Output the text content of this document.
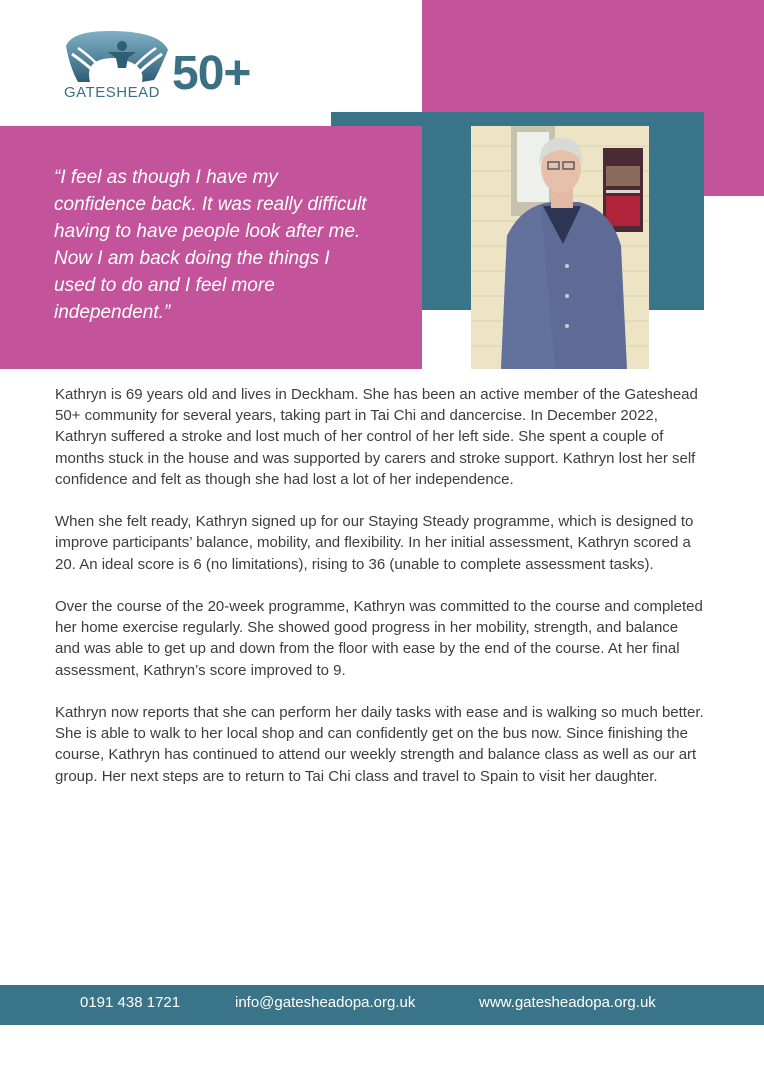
50+
GATESHEAD
“I feel as though I have my confidence back. It was really difficult having to have people look after me. Now I am back doing the things I used to do and I feel more independent.”

Kathryn is 69 years old and lives in Deckham. She has been an active member of the Gateshead 50+ community for several years, taking part in Tai Chi and dancercise. In December 2022, Kathryn suffered a stroke and lost much of her control of her left side. She spent a couple of months stuck in the house and was supported by carers and stroke support. Kathryn lost her self confidence and felt as though she had lost a lot of her independence.

When she felt ready, Kathryn signed up for our Staying Steady programme, which is designed to improve participants’ balance, mobility, and flexibility. In her initial assessment, Kathryn scored a 20. An ideal score is 6 (no limitations), rising to 36 (unable to complete assessment tasks).

Over the course of the 20-week programme, Kathryn was committed to the course and completed her home exercise regularly. She showed good progress in her mobility, strength, and balance and was able to get up and down from the floor with ease by the end of the course. At her final assessment, Kathryn’s score improved to 9.

Kathryn now reports that she can perform her daily tasks with ease and is walking so much better. She is able to walk to her local shop and can confidently get on the bus now. Since finishing the course, Kathryn has continued to attend our weekly strength and balance class as well as our art group. Her next steps are to return to Tai Chi class and travel to Spain to visit her daughter.

0191 438 1721	info@gatesheadopa.org.uk	www.gatesheadopa.org.uk
